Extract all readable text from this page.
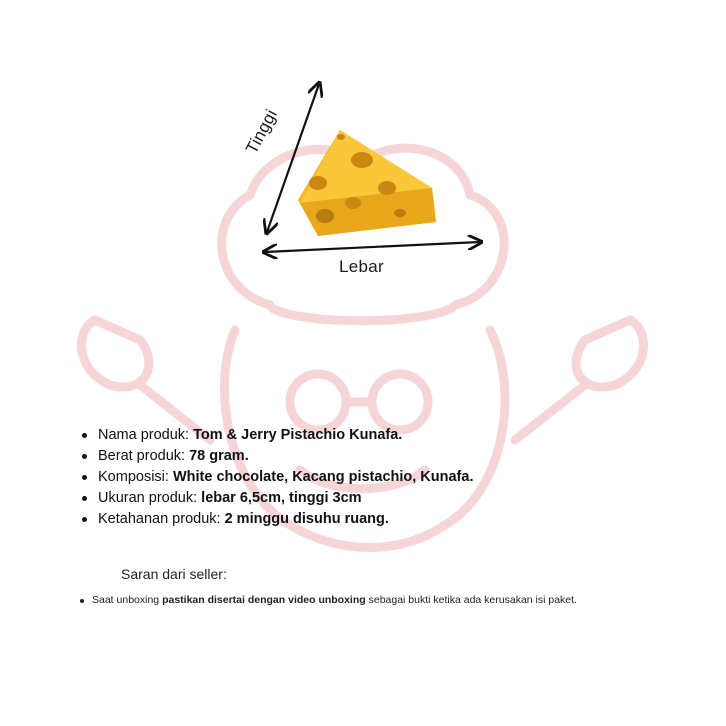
Tinggi
Lebar
Nama produk: Tom & Jerry Pistachio Kunafa.
Berat produk: 78 gram.
Komposisi: White chocolate, Kacang pistachio, Kunafa.
Ukuran produk: lebar 6,5cm, tinggi 3cm
Ketahanan produk: 2 minggu disuhu ruang.
Saran dari seller:
Saat unboxing pastikan disertai dengan video unboxing sebagai bukti ketika ada kerusakan isi paket.
